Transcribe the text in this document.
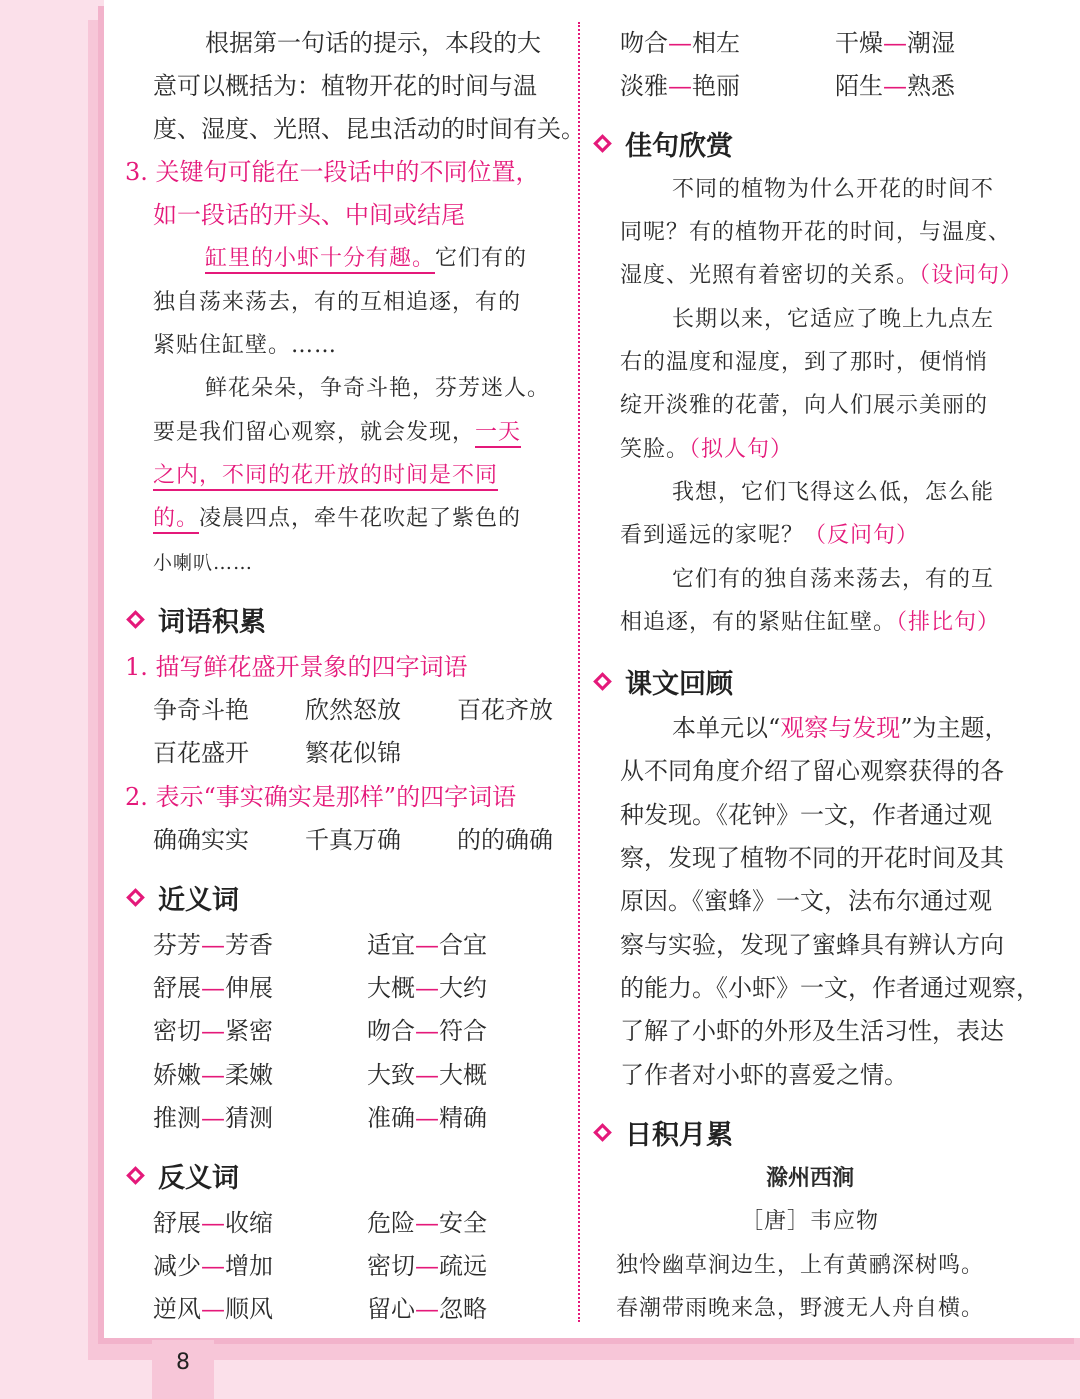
根据第一句话的提示，本段的大
意可以概括为：植物开花的时间与温
度、湿度、光照、昆虫活动的时间有关。
3. 关键句可能在一段话中的不同位置，
如一段话的开头、中间或结尾
缸里的小虾十分有趣。它们有的
独自荡来荡去，有的互相追逐，有的
紧贴住缸壁。……
鲜花朵朵，争奇斗艳，芬芳迷人。
要是我们留心观察，就会发现，一天
之内，不同的花开放的时间是不同
的。凌晨四点，牵牛花吹起了紫色的
小喇叭……
词语积累
1. 描写鲜花盛开景象的四字词语
争奇斗艳 欣然怒放 百花齐放
百花盛开 繁花似锦
2. 表示“事实确实是那样”的四字词语
确确实实 千真万确 的的确确
近义词
芬芳—芳香	适宜—合宜
舒展—伸展	大概—大约
密切—紧密	吻合—符合
娇嫩—柔嫩	大致—大概
推测—猜测	准确—精确
反义词
舒展—收缩	危险—安全
减少—增加	密切—疏远
逆风—顺风	留心—忽略
吻合—相左	干燥—潮湿
淡雅—艳丽	陌生—熟悉
佳句欣赏
不同的植物为什么开花的时间不
同呢？有的植物开花的时间，与温度、
湿度、光照有着密切的关系。（设问句）
长期以来，它适应了晚上九点左
右的温度和湿度，到了那时，便悄悄
绽开淡雅的花蕾，向人们展示美丽的
笑脸。（拟人句）
我想，它们飞得这么低，怎么能
看到遥远的家呢？（反问句）
它们有的独自荡来荡去，有的互
相追逐，有的紧贴住缸壁。（排比句）
课文回顾
本单元以“观察与发现”为主题，
从不同角度介绍了留心观察获得的各
种发现。《花钟》一文，作者通过观
察，发现了植物不同的开花时间及其
原因。《蜜蜂》一文，法布尔通过观
察与实验，发现了蜜蜂具有辨认方向
的能力。《小虾》一文，作者通过观察，
了解了小虾的外形及生活习性，表达
了作者对小虾的喜爱之情。
日积月累
滁州西涧
［唐］韦应物
独怜幽草涧边生，上有黄鹂深树鸣。
春潮带雨晚来急，野渡无人舟自横。
8
